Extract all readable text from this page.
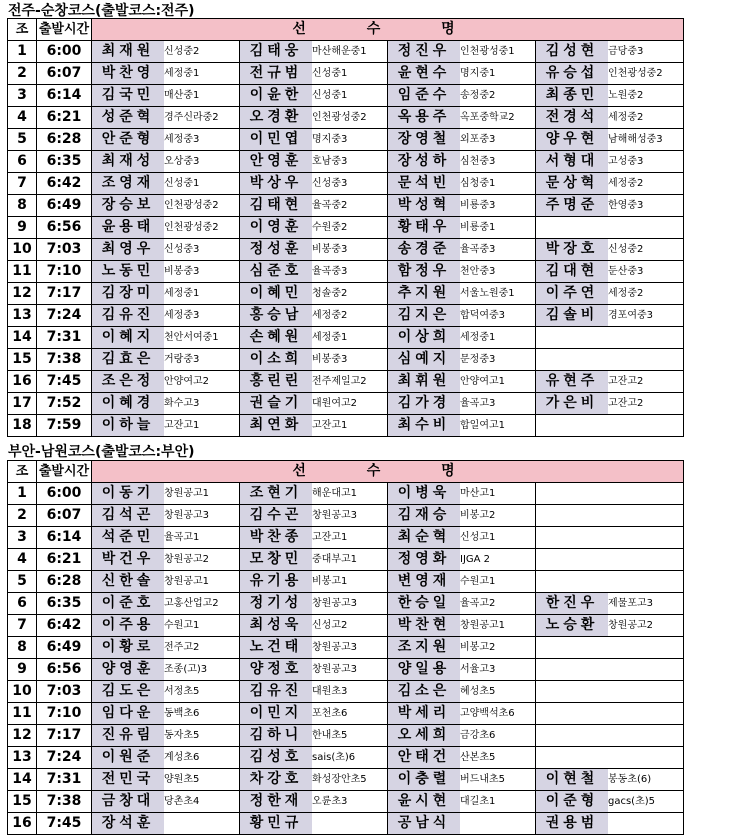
전주-순창코스(출발코스:전주)
조	출발시간	선 수 명							
1	6:00	최재원	신성중2	김태웅	마산해운중1	정진우	인천광성중1	김성현	금당중3
2	6:07	박찬영	세정중1	전규범	신성중1	윤현수	명지중1	유승섭	인천광성중2
3	6:14	김국민	매산중1	이윤한	신성중1	임준수	송정중2	최종민	노원중2
4	6:21	성준혁	경주신라중2	오경환	인천광성중2	옥용주	옥포중학교2	전경석	세정중2
5	6:28	안준형	세정중3	이민엽	명지중3	장영철	외포중3	양우현	남해해성중3
6	6:35	최재성	오상중3	안영훈	호남중3	장성하	심천중3	서형대	고성중3
7	6:42	조영재	신성중1	박상우	신성중3	문석빈	심청중1	문상혁	세정중2
8	6:49	장승보	인천광성중2	김태현	율곡중2	박성혁	비룡중3	주명준	한영중3
9	6:56	윤용태	인천광성중2	이영훈	수원중2	황태우	비룡중1		
10	7:03	최영우	신성중3	정성훈	비봉중3	송경준	율곡중3	박장호	신성중2
11	7:10	노동민	비봉중3	심준호	율곡중3	함정우	천안중3	김대현	둔산중3
12	7:17	김장미	세정중1	이혜민	청솔중2	추지원	서울노원중1	이주연	세정중2
13	7:24	김유진	세정중3	홍승남	세정중2	김지은	합덕여중3	김솔비	경포여중3
14	7:31	이혜지	천안서여중1	손혜원	세정중1	이상희	세정중1		
15	7:38	김효은	거랑중3	이소희	비봉중3	심예지	문정중3		
16	7:45	조은정	안양여고2	홍린린	전주제일고2	최휘원	안양여고1	유현주	고잔고2
17	7:52	이혜경	화수고3	권슬기	대원여고2	김가경	율곡고3	가은비	고잔고2
18	7:59	이하늘	고잔고1	최연화	고잔고1	최수비	합일여고1		
부안-남원코스(출발코스:부안)
조	출발시간	선 수 명							
1	6:00	이동기	창원공고1	조현기	해운대고1	이병욱	마산고1		
2	6:07	김석곤	창원공고3	김수곤	창원공고3	김재승	비봉고2		
3	6:14	석준민	율곡고1	박찬종	고잔고1	최순혁	신성고1		
4	6:21	박건우	창원공고2	모창민	중대부고1	정영화	IJGA 2		
5	6:28	신한솔	창원공고1	유기용	비봉고1	변영재	수원고1		
6	6:35	이준호	고홍산업고2	정기성	창원공고3	한승일	율곡고2	한진우	제물포고3
7	6:42	이주용	수원고1	최성욱	신성고2	박찬현	창원공고1	노승환	창원공고2
8	6:49	이황로	전주고2	노건태	창원공고3	조지원	비봉고2		
9	6:56	양영훈	조종(고)3	양정호	창원공고3	양일용	서율고3		
10	7:03	김도은	서정초5	김유진	대원초3	김소은	혜성초5		
11	7:10	임다운	동백초6	이민지	포천초6	박세리	고양백석초6		
12	7:17	진유림	동자초5	김하니	한내초5	오세희	금강초6		
13	7:24	이원준	계성초6	김성호	sais(초)6	안태건	산본초5		
14	7:31	전민국	양원초5	차강호	화성장안초5	이충렬	버드내초5	이현철	봉동초(6)
15	7:38	금창대	당촌초4	정한재	오륜초3	윤시현	대길초1	이준형	gacs(초)5
16	7:45	장석훈		황민규		공남식		권용범	
